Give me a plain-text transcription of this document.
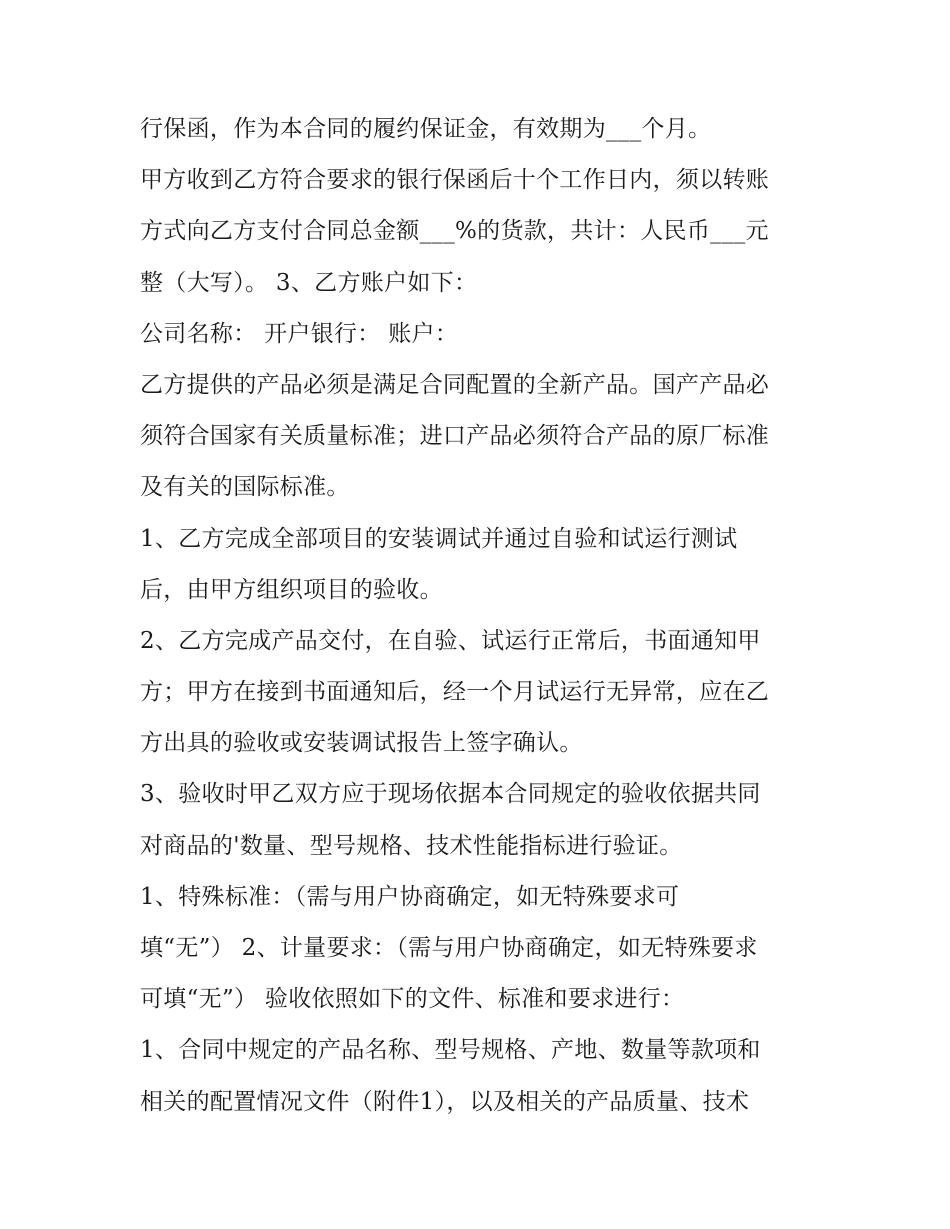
行保函，作为本合同的履约保证金，有效期为___个月。
甲方收到乙方符合要求的银行保函后十个工作日内，须以转账
方式向乙方支付合同总金额___%的货款，共计：人民币___元
整（大写）。 3、乙方账户如下：
公司名称： 开户银行： 账户：
乙方提供的产品必须是满足合同配置的全新产品。国产产品必
须符合国家有关质量标准；进口产品必须符合产品的原厂标准
及有关的国际标准。
1、乙方完成全部项目的安装调试并通过自验和试运行测试
后，由甲方组织项目的验收。
2、乙方完成产品交付，在自验、试运行正常后，书面通知甲
方；甲方在接到书面通知后，经一个月试运行无异常，应在乙
方出具的验收或安装调试报告上签字确认。
3、验收时甲乙双方应于现场依据本合同规定的验收依据共同
对商品的'数量、型号规格、技术性能指标进行验证。
1、特殊标准：（需与用户协商确定，如无特殊要求可
填“无”） 2、计量要求：（需与用户协商确定，如无特殊要求
可填“无”） 验收依照如下的文件、标准和要求进行：
1、合同中规定的产品名称、型号规格、产地、数量等款项和
相关的配置情况文件（附件1），以及相关的产品质量、技术
